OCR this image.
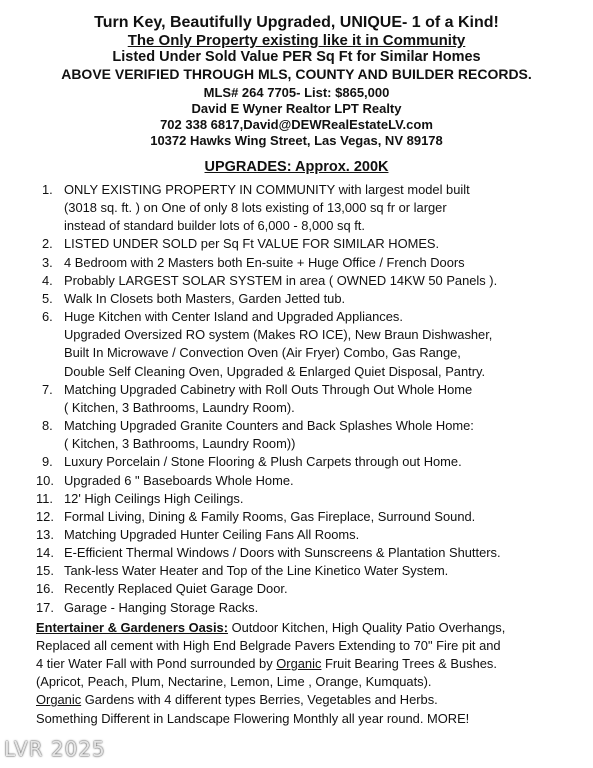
Turn Key, Beautifully Upgraded, UNIQUE- 1 of a Kind!

The Only Property existing like it in Community

Listed Under Sold Value PER Sq Ft for Similar Homes

ABOVE VERIFIED THROUGH MLS, COUNTY AND BUILDER RECORDS.

MLS# 264 7705- List: $865,000

David E Wyner Realtor LPT Realty

702 338 6817,David@DEWRealEstateLV.com

10372 Hawks Wing Street, Las Vegas, NV 89178

UPGRADES: Approx. 200K

1. ONLY EXISTING PROPERTY IN COMMUNITY with largest model built
(3018 sq. ft. ) on One of only 8 lots existing of 13,000 sq fr or larger
instead of standard builder lots of 6,000 - 8,000 sq ft.
2. LISTED UNDER SOLD per Sq Ft VALUE FOR SIMILAR HOMES.
3. 4 Bedroom with 2 Masters both En-suite + Huge Office / French Doors
4. Probably LARGEST SOLAR SYSTEM in area ( OWNED 14KW 50 Panels ).
5. Walk In Closets both Masters, Garden Jetted tub.
6. Huge Kitchen with Center Island and Upgraded Appliances.
Upgraded Oversized RO system (Makes RO ICE), New Braun Dishwasher,
Built In Microwave / Convection Oven (Air Fryer) Combo, Gas Range,
Double Self Cleaning Oven, Upgraded & Enlarged Quiet Disposal, Pantry.
7. Matching Upgraded Cabinetry with Roll Outs Through Out Whole Home
( Kitchen, 3 Bathrooms, Laundry Room).
8. Matching Upgraded Granite Counters and Back Splashes Whole Home:
( Kitchen, 3 Bathrooms, Laundry Room))
9. Luxury Porcelain / Stone Flooring & Plush Carpets through out Home.
10. Upgraded 6 " Baseboards Whole Home.
11. 12' High Ceilings High Ceilings.
12. Formal Living, Dining & Family Rooms, Gas Fireplace, Surround Sound.
13. Matching Upgraded Hunter Ceiling Fans All Rooms.
14. E-Efficient Thermal Windows / Doors with Sunscreens & Plantation Shutters.
15. Tank-less Water Heater and Top of the Line Kinetico Water System.
16. Recently Replaced Quiet Garage Door.
17. Garage - Hanging Storage Racks.
Entertainer & Gardeners Oasis: Outdoor Kitchen, High Quality Patio Overhangs,
Replaced all cement with High End Belgrade Pavers Extending to 70" Fire pit and
4 tier Water Fall with Pond surrounded by Organic Fruit Bearing Trees & Bushes.
(Apricot, Peach, Plum, Nectarine, Lemon, Lime , Orange, Kumquats).
Organic Gardens with 4 different types Berries, Vegetables and Herbs.
Something Different in Landscape Flowering Monthly all year round. MORE!
LVR 2025
